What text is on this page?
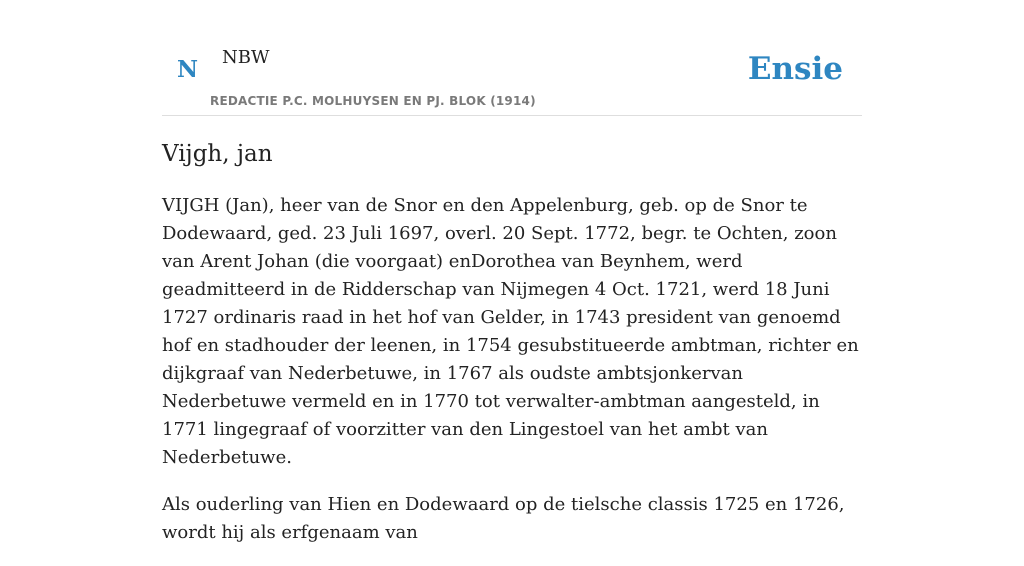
N NBW
REDACTIE P.C. MOLHUYSEN EN PJ. BLOK (1914)
Ensie
Vijgh, jan

VIJGH (Jan), heer van de Snor en den Appelenburg, geb. op de Snor te Dodewaard, ged. 23 Juli 1697, overl. 20 Sept. 1772, begr. te Ochten, zoon van Arent Johan (die voorgaat) enDorothea van Beynhem, werd geadmitteerd in de Ridderschap van Nijmegen 4 Oct. 1721, werd 18 Juni 1727 ordinaris raad in het hof van Gelder, in 1743 president van genoemd hof en stadhouder der leenen, in 1754 gesubstitueerde ambtman, richter en dijkgraaf van Nederbetuwe, in 1767 als oudste ambtsjonkervan Nederbetuwe vermeld en in 1770 tot verwalter-ambtman aangesteld, in 1771 lingegraaf of voorzitter van den Lingestoel van het ambt van Nederbetuwe.

Als ouderling van Hien en Dodewaard op de tielsche classis 1725 en 1726, wordt hij als erfgenaam van
